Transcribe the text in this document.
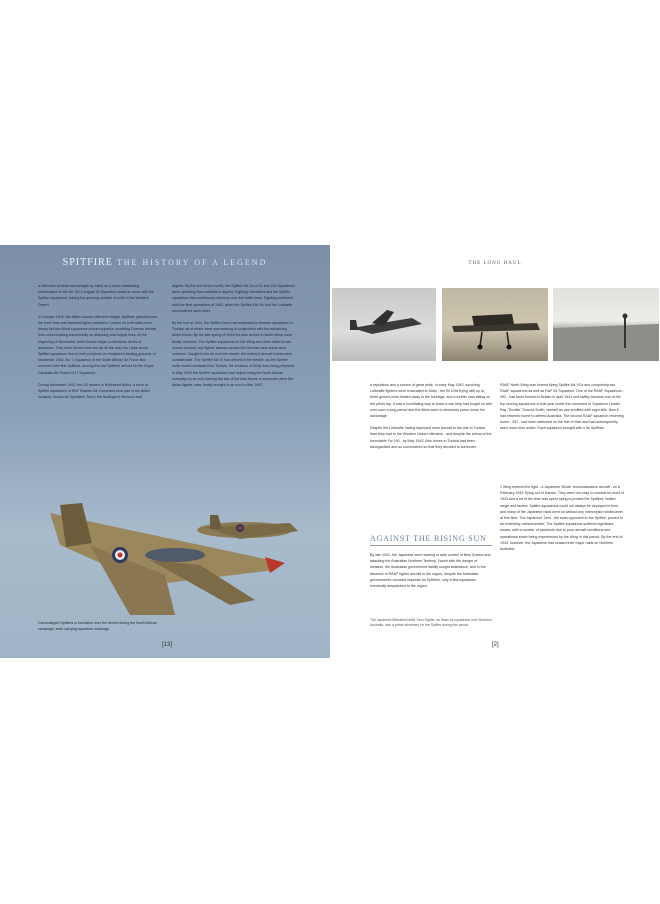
SPITFIRE THE HISTORY OF A LEGEND

a reflection of what was thought by many as a most outstanding performance in the air. On 1 August 32 Squadron made its move with full Spitfire equipment, joining the growing number of units in the Western Desert.

In October 1942, the Allied counter-offensive began. Spitfires patrolled over the front lines and escorted fighter-bombers. Losses on both sides were heavy, but the Allied squadrons proved superior, providing German aircraft from concentrating successfully on attacking vital supply lines. At the beginning of November, Allied forces began a relentless series of advances. They were hunted from the air all the way into Libya as the Spitfire squadrons flew to their positions on recaptured landing grounds. In November 1942, No. 1 Squadron of the South African Air Force also received their first Spitfires. Among the last Spitfires arrived for the Royal Canadian Air Force's 417 Squadron.

During November 1942, the US landed in Northwest Africa. A force of Spitfire squadrons of RAF Eastern Air Command took part in the Allied invasion, known as Operation Torch; the landings in Morocco and

Algeria. By the end of the month, the Spitfire Mk Vs of 81 and 152 Squadrons were operating from airfields in Algeria. Fighting intensified and the Spitfire squadrons flew continuous missions over the battle lines. Fighting continued until the final operations of 1943, when the Spitfire Mk IXs and the Luftwaffe encountered each other.

By the end of 1942, the Spitfire force had expanded to thirteen squadrons in Tunisia, all of which were now working in conjunction with the advancing Allied forces. By the late spring of 1943 the Axis armies in North Africa were finally cornered. The Spitfire squadrons of 244 Wing and other Allied forces moved forward, and fighter sweeps across the German-held areas were common. Caught in the air over the desert, the enemy's aircraft losses were considerable. The Spitfire Mk IX had arrived in the theatre; as the Spitfire units moved westward into Tunisia, the invasion of Sicily was being prepared. In May 1943 the Spitfire squadrons had helped bring the North African campaign to an end. Among the last of the Axis forces to surrender were the Italian fighter units, finally brought to an end in May 1943.

Camouflaged Spitfires in formation over the desert during the North African campaign, each carrying squadron markings.
[13]
THE LONG HAUL

a reputation and a source of great pride. In early May 1943, surviving Luftwaffe fighters were evacuated to Sicily - the Bf 109s flying with up to three ground crew hidden away in the fuselage, and a further man sitting on the pilot's lap. It was a humiliating way to leave a war they had fought so well over such a long period and the Allies were to decisively press home the advantage.

Despite the Luftwaffe having deployed more aircraft to the war in Tunisia than they had to the Western Desert offensive - and despite the arrival of the formidable Fw 190 - by May 1943, Axis forces in Tunisia had been disorganised and so surrendered so that they decided to surrender.

AGAINST THE RISING SUN

By late 1942, the Japanese were starting to take control of New Guinea and attacking the Australian Northern Territory. Faced with the danger of invasion, the Australian government hastily sought assistance, and in the absence of RAAF fighter aircraft to the region, despite the Australian government's constant requests for Spitfires, only a few squadrons eventually despatched to the region.

The Japanese Mitsubishi A6M 'Zero' fighter, as flown by squadrons over Northern Australia, was a prime adversary for the Spitfire during this period.

RAAF North Wing was formed flying Spitfire Mk VCs and comprising two RAAF squadrons as well as RAF 54 Squadron. One of the RAAF Squadrons - 452 - had been formed in Britain in April 1941 and swiftly became one of the top scoring squadrons of that year under the command of Squadron Leader Ray 'Throttle' Thorold-Smith, himself an ace credited with eight kills. Now it had returned home to defend Australia. The second RAAF squadron returning home - 457 - had been stationed on the Isle of Man and had subsequently seen much less action. Each squadron brought with it its Spitfires.

1 Wing entered the fight - a Japanese 'Dinah' reconnaissance aircraft - on 6 February 1943, flying out of Darwin. They were not easy to combat for most of 1943 and a lot of the time was spent trying to protect the Spitfires' limited range and tactics. Spitfire squadrons could not always be deployed in time, and many of the Japanese raids went on without any interception whatsoever at this time. The Japanese 'Zero', the main opponent to the Spitfire, proved to be extremely manoeuvrable. The Spitfire squadrons suffered significant losses, with a number of accidents due to poor aircraft conditions and operational strain being experienced by the Wing in this period. By the end of 1943, however, the Japanese had ceased their major raids on Northern Australia.

[2]
